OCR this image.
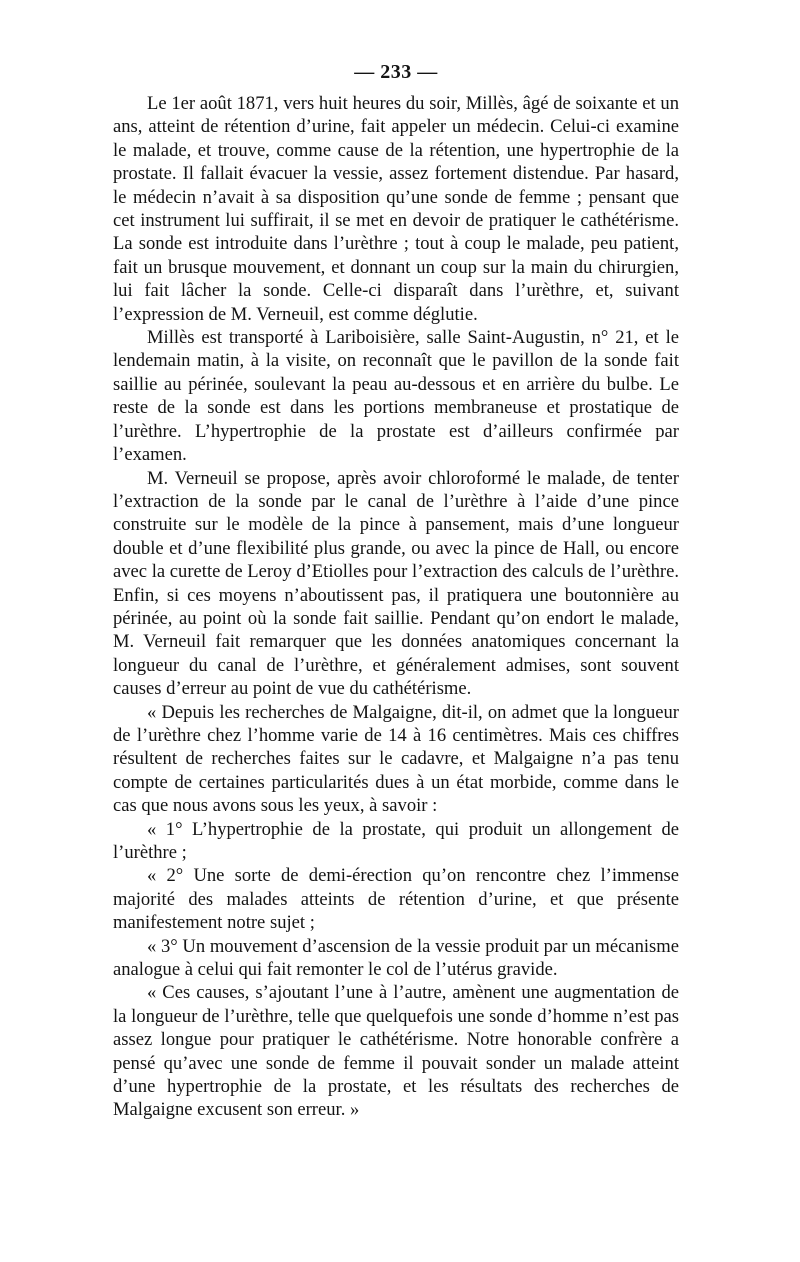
— 233 —

Le 1er août 1871, vers huit heures du soir, Millès, âgé de soixante et un ans, atteint de rétention d’urine, fait appeler un médecin. Celui-ci examine le malade, et trouve, comme cause de la rétention, une hypertrophie de la prostate. Il fallait évacuer la vessie, assez fortement distendue. Par hasard, le médecin n’avait à sa disposition qu’une sonde de femme ; pensant que cet instrument lui suffirait, il se met en devoir de pratiquer le cathétérisme. La sonde est introduite dans l’urèthre ; tout à coup le malade, peu patient, fait un brusque mouvement, et donnant un coup sur la main du chirurgien, lui fait lâcher la sonde. Celle-ci disparaît dans l’urèthre, et, suivant l’expression de M. Verneuil, est comme déglutie.

Millès est transporté à Lariboisière, salle Saint-Augustin, n° 21, et le lendemain matin, à la visite, on reconnaît que le pavillon de la sonde fait saillie au périnée, soulevant la peau au-dessous et en arrière du bulbe. Le reste de la sonde est dans les portions membraneuse et prostatique de l’urèthre. L’hypertrophie de la prostate est d’ailleurs confirmée par l’examen.

M. Verneuil se propose, après avoir chloroformé le malade, de tenter l’extraction de la sonde par le canal de l’urèthre à l’aide d’une pince construite sur le modèle de la pince à pansement, mais d’une longueur double et d’une flexibilité plus grande, ou avec la pince de Hall, ou encore avec la curette de Leroy d’Etiolles pour l’extraction des calculs de l’urèthre. Enfin, si ces moyens n’aboutissent pas, il pratiquera une boutonnière au périnée, au point où la sonde fait saillie. Pendant qu’on endort le malade, M. Verneuil fait remarquer que les données anatomiques concernant la longueur du canal de l’urèthre, et généralement admises, sont souvent causes d’erreur au point de vue du cathétérisme.

« Depuis les recherches de Malgaigne, dit-il, on admet que la longueur de l’urèthre chez l’homme varie de 14 à 16 centimètres. Mais ces chiffres résultent de recherches faites sur le cadavre, et Malgaigne n’a pas tenu compte de certaines particularités dues à un état morbide, comme dans le cas que nous avons sous les yeux, à savoir :

« 1° L’hypertrophie de la prostate, qui produit un allongement de l’urèthre ;

« 2° Une sorte de demi-érection qu’on rencontre chez l’immense majorité des malades atteints de rétention d’urine, et que présente manifestement notre sujet ;

« 3° Un mouvement d’ascension de la vessie produit par un mécanisme analogue à celui qui fait remonter le col de l’utérus gravide.

« Ces causes, s’ajoutant l’une à l’autre, amènent une augmentation de la longueur de l’urèthre, telle que quelquefois une sonde d’homme n’est pas assez longue pour pratiquer le cathétérisme. Notre honorable confrère a pensé qu’avec une sonde de femme il pouvait sonder un malade atteint d’une hypertrophie de la prostate, et les résultats des recherches de Malgaigne excusent son erreur. »
